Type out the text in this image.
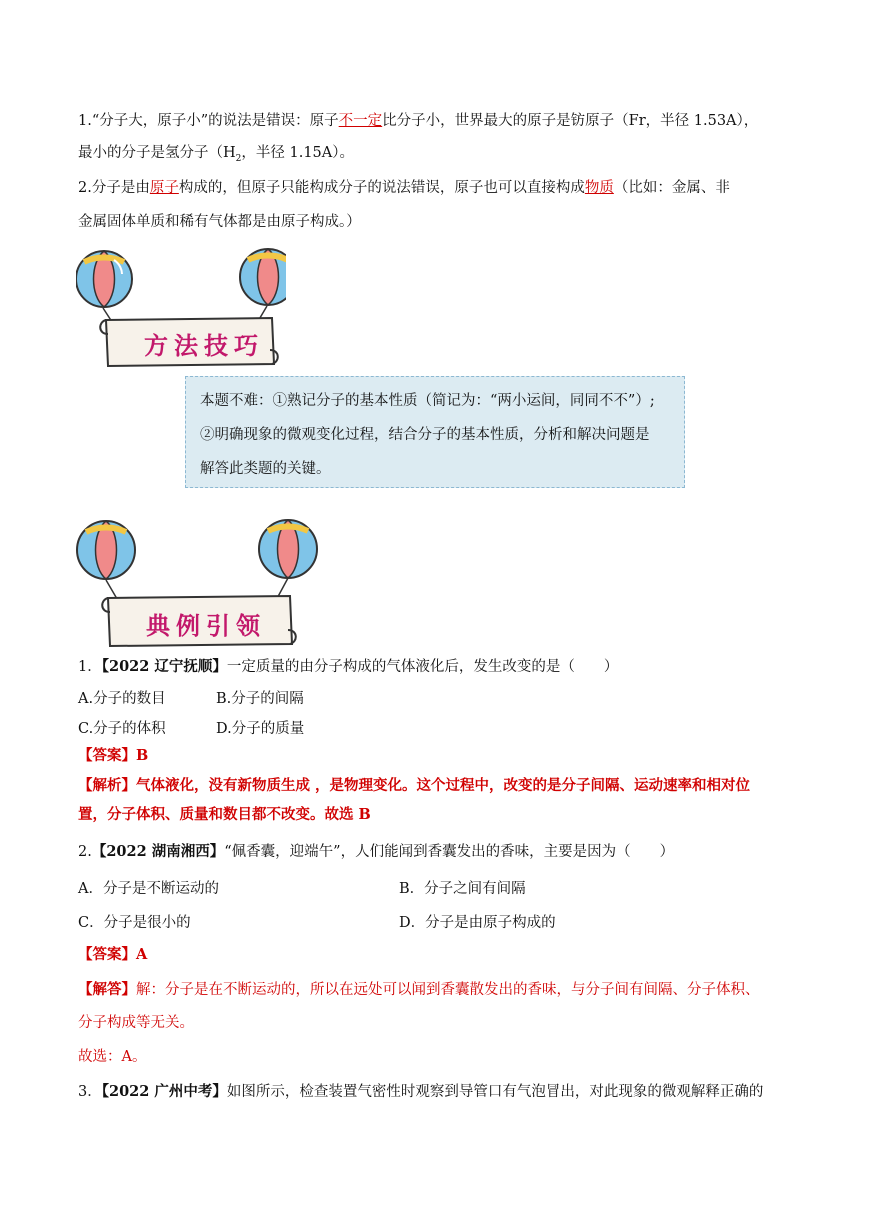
1.“分子大，原子小”的说法是错误：原子不一定比分子小，世界最大的原子是钫原子（Fr，半径 1.53A），
最小的分子是氢分子（$H_2$，半径 1.15A）。
2.分子是由原子构成的，但原子只能构成分子的说法错误，原子也可以直接构成物质（比如：金属、非
金属固体单质和稀有气体都是由原子构成。）
方法技巧
本题不难：①熟记分子的基本性质（简记为：“两小运间，同同不不”）;
②明确现象的微观变化过程，结合分子的基本性质，分析和解决问题是
解答此类题的关键。
典例引领
1．【2022 辽宁抚顺】一定质量的由分子构成的气体液化后，发生改变的是（　　）
A.分子的数目	B.分子的间隔
C.分子的体积	D.分子的质量
【答案】B
【解析】气体液化，没有新物质生成 ，是物理变化。这个过程中，改变的是分子间隔、运动速率和相对位
置，分子体积、质量和数目都不改变。故选 B
2.【2022 湖南湘西】“佩香囊，迎端午”，人们能闻到香囊发出的香味，主要是因为（　　）
A．分子是不断运动的	B．分子之间有间隔
C．分子是很小的	D．分子是由原子构成的
【答案】A
【解答】解：分子是在不断运动的，所以在远处可以闻到香囊散发出的香味，与分子间有间隔、分子体积、
分子构成等无关。
故选：A。
3．【2022 广州中考】如图所示，检查装置气密性时观察到导管口有气泡冒出，对此现象的微观解释正确的
